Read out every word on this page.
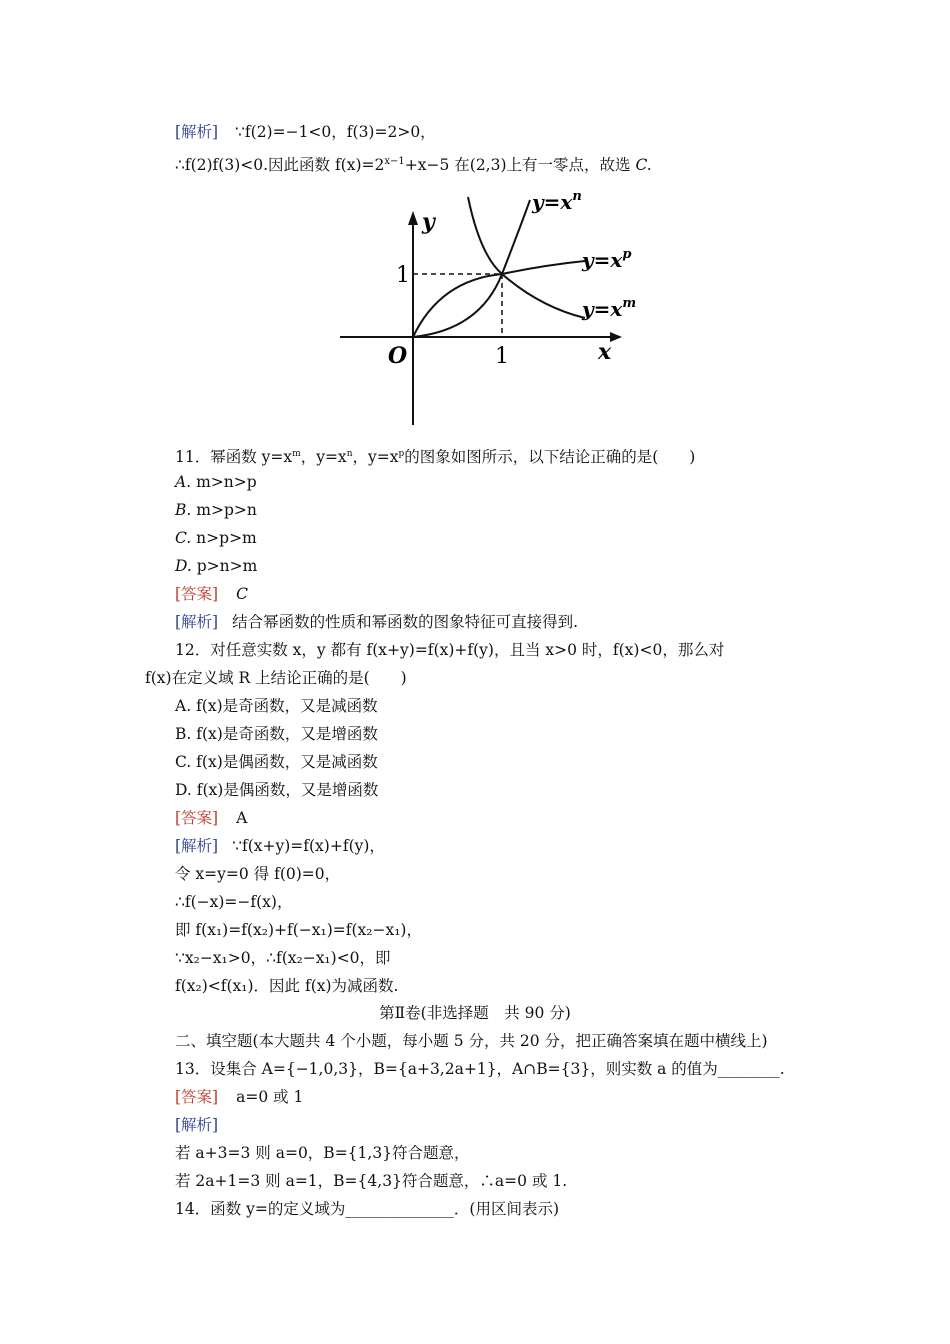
[解析] ∵f(2)=−1<0，f(3)=2>0，
∴f(2)f(3)<0.因此函数 $f(x)=2^{x-1}+x-5$ 在(2,3)上有一零点，故选 C.
y
x
O
1
1
$y=x^n$
$y=x^p$
$y=x^m$
11．幂函数 $y=x^m$，$y=x^n$，$y=x^p$的图象如图所示，以下结论正确的是(　　)
A. m>n>p
B. m>p>n
C. n>p>m
D. p>n>m
[答案] C
[解析] 结合幂函数的性质和幂函数的图象特征可直接得到.
12．对任意实数 x，y 都有 f(x+y)=f(x)+f(y)，且当 x>0 时，f(x)<0，那么对
f(x)在定义域 R 上结论正确的是(　　)
A. f(x)是奇函数，又是减函数
B. f(x)是奇函数，又是增函数
C. f(x)是偶函数，又是减函数
D. f(x)是偶函数，又是增函数
[答案] A
[解析] ∵f(x+y)=f(x)+f(y)，
令 x=y=0 得 f(0)=0，
∴f(−x)=−f(x)，
即 f(x₁)=f(x₂)+f(−x₁)=f(x₂−x₁)，
∵x₂−x₁>0，∴f(x₂−x₁)<0，即
f(x₂)<f(x₁)．因此 f(x)为减函数.
第Ⅱ卷(非选择题　共 90 分)
二、填空题(本大题共 4 个小题，每小题 5 分，共 20 分，把正确答案填在题中横线上)
13．设集合 A={−1,0,3}，B={a+3,2a+1}，A∩B={3}，则实数 a 的值为________.
[答案] a=0 或 1
[解析]
若 a+3=3 则 a=0，B={1,3}符合题意，
若 2a+1=3 则 a=1，B={4,3}符合题意，∴a=0 或 1.
14．函数 y=的定义域为______________．(用区间表示)
